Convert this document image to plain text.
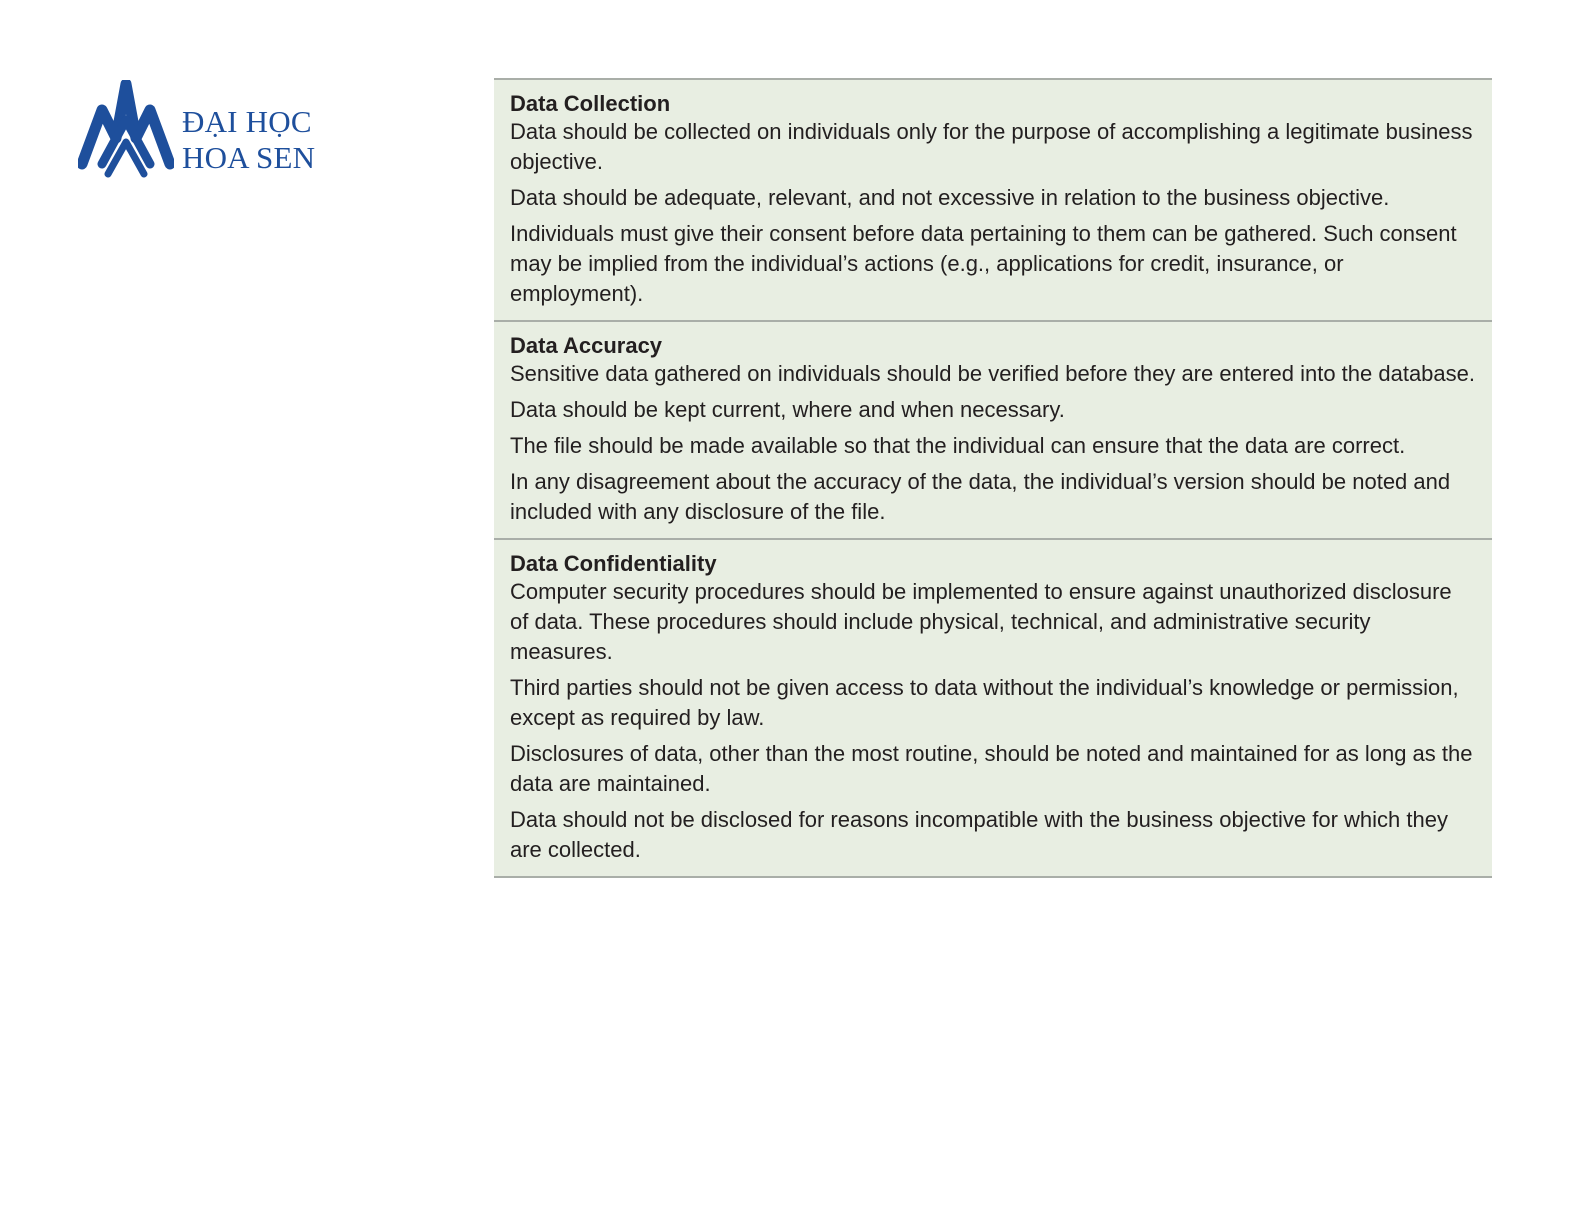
ĐẠI HỌC
HOA SEN
Data Collection
Data should be collected on individuals only for the purpose of accomplishing a legitimate business objective.
Data should be adequate, relevant, and not excessive in relation to the business objective.
Individuals must give their consent before data pertaining to them can be gathered. Such consent may be implied from the individual’s actions (e.g., applications for credit, insurance, or employment).
Data Accuracy
Sensitive data gathered on individuals should be verified before they are entered into the database.
Data should be kept current, where and when necessary.
The file should be made available so that the individual can ensure that the data are correct.
In any disagreement about the accuracy of the data, the individual’s version should be noted and included with any disclosure of the file.
Data Confidentiality
Computer security procedures should be implemented to ensure against unauthorized disclosure of data. These procedures should include physical, technical, and administrative security measures.
Third parties should not be given access to data without the individual’s knowledge or permission, except as required by law.
Disclosures of data, other than the most routine, should be noted and maintained for as long as the data are maintained.
Data should not be disclosed for reasons incompatible with the business objective for which they are collected.
